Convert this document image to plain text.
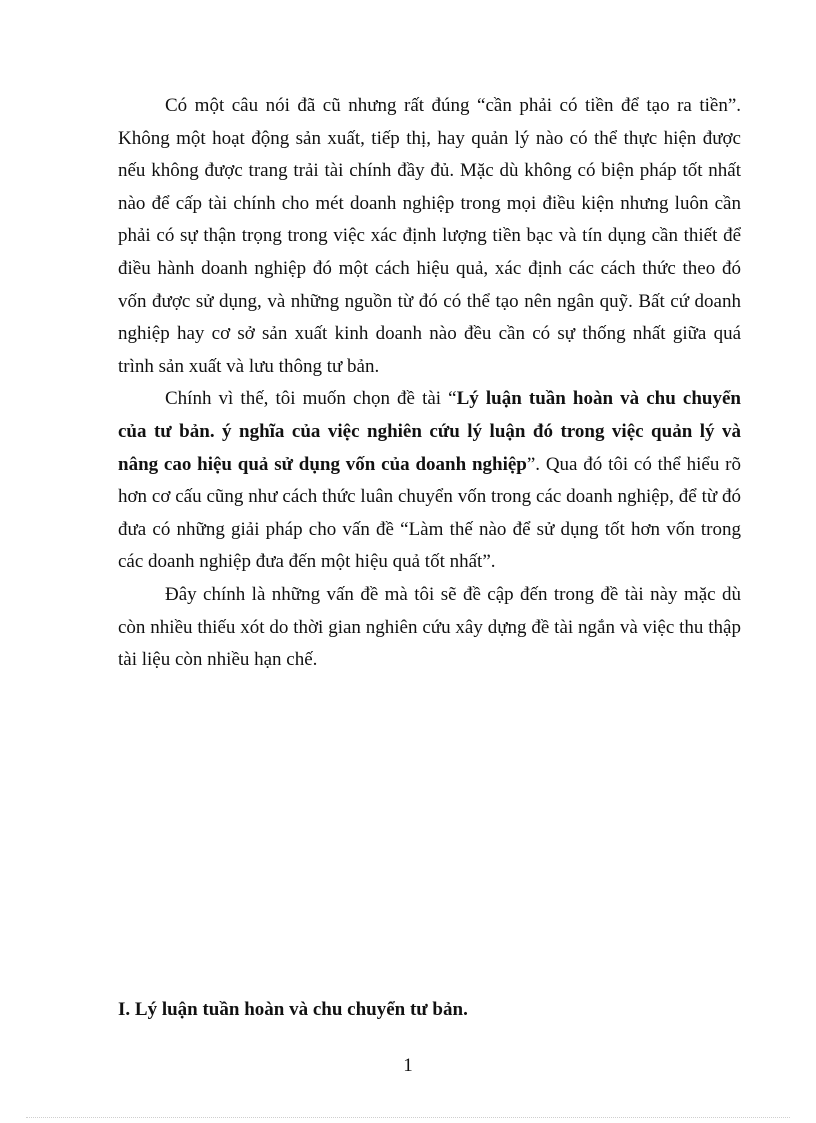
Có một câu nói đã cũ nhưng rất đúng “cần phải có tiền để tạo ra tiền”. Không một hoạt động sản xuất, tiếp thị, hay quản lý nào có thể thực hiện được nếu không được trang trải tài chính đầy đủ. Mặc dù không có biện pháp tốt nhất nào để cấp tài chính cho mét doanh nghiệp trong mọi điều kiện nhưng luôn cần phải có sự thận trọng trong việc xác định lượng tiền bạc và tín dụng cần thiết để điều hành doanh nghiệp đó một cách hiệu quả, xác định các cách thức theo đó vốn được sử dụng, và những nguồn từ đó có thể tạo nên ngân quỹ. Bất cứ doanh nghiệp hay cơ sở sản xuất kinh doanh nào đều cần có sự thống nhất giữa quá trình sản xuất và lưu thông tư bản.

Chính vì thế, tôi muốn chọn đề tài “Lý luận tuần hoàn và chu chuyển của tư bản. ý nghĩa của việc nghiên cứu lý luận đó trong việc quản lý và nâng cao hiệu quả sử dụng vốn của doanh nghiệp”. Qua đó tôi có thể hiểu rõ hơn cơ cấu cũng như cách thức luân chuyển vốn trong các doanh nghiệp, để từ đó đưa có những giải pháp cho vấn đề “Làm thế nào để sử dụng tốt hơn vốn trong các doanh nghiệp đưa đến một hiệu quả tốt nhất”.

Đây chính là những vấn đề mà tôi sẽ đề cập đến trong đề tài này mặc dù còn nhiều thiếu xót do thời gian nghiên cứu xây dựng đề tài ngắn và việc thu thập tài liệu còn nhiều hạn chế.

I. Lý luận tuần hoàn và chu chuyển tư bản.
1
